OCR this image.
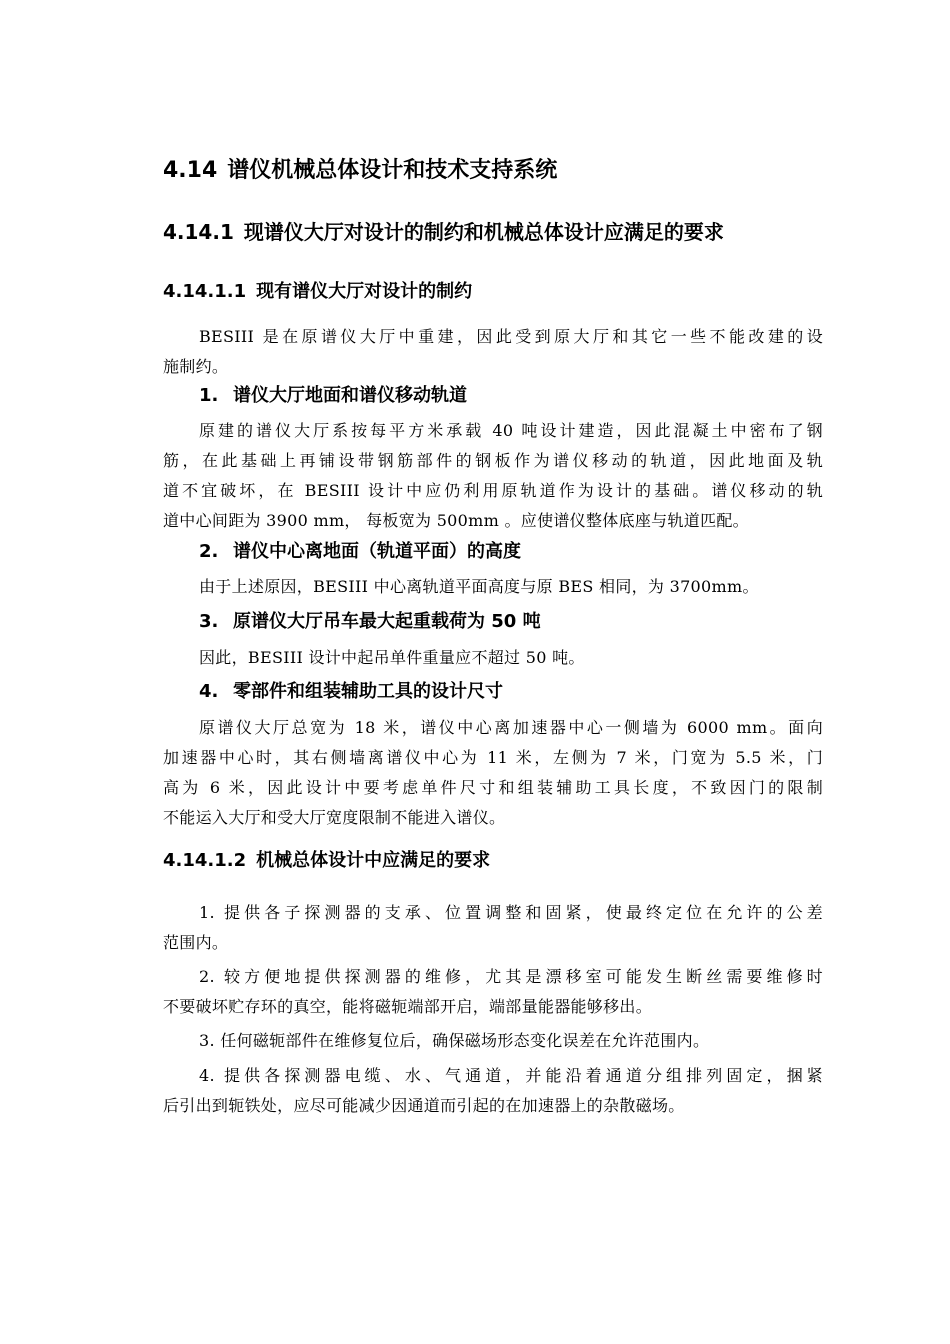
4.14 谱仪机械总体设计和技术支持系统
4.14.1 现谱仪大厅对设计的制约和机械总体设计应满足的要求
4.14.1.1 现有谱仪大厅对设计的制约
BESIII 是在原谱仪大厅中重建，因此受到原大厅和其它一些不能改建的设
施制约。
1. 谱仪大厅地面和谱仪移动轨道
原建的谱仪大厅系按每平方米承载 40 吨设计建造，因此混凝土中密布了钢
筋，在此基础上再铺设带钢筋部件的钢板作为谱仪移动的轨道，因此地面及轨
道不宜破坏，在 BESIII 设计中应仍利用原轨道作为设计的基础。谱仪移动的轨
道中心间距为 3900 mm， 每板宽为 500mm 。应使谱仪整体底座与轨道匹配。
2. 谱仪中心离地面（轨道平面）的高度
由于上述原因，BESIII 中心离轨道平面高度与原 BES 相同，为 3700mm。
3. 原谱仪大厅吊车最大起重载荷为 50 吨
因此，BESIII 设计中起吊单件重量应不超过 50 吨。
4. 零部件和组装辅助工具的设计尺寸
原谱仪大厅总宽为 18 米，谱仪中心离加速器中心一侧墙为 6000 mm。面向
加速器中心时，其右侧墙离谱仪中心为 11 米，左侧为 7 米，门宽为 5.5 米，门
高为 6 米，因此设计中要考虑单件尺寸和组装辅助工具长度，不致因门的限制
不能运入大厅和受大厅宽度限制不能进入谱仪。
4.14.1.2 机械总体设计中应满足的要求
1. 提供各子探测器的支承、位置调整和固紧，使最终定位在允许的公差
范围内。
2. 较方便地提供探测器的维修，尤其是漂移室可能发生断丝需要维修时
不要破坏贮存环的真空，能将磁轭端部开启，端部量能器能够移出。
3. 任何磁轭部件在维修复位后，确保磁场形态变化误差在允许范围内。
4. 提供各探测器电缆、水、气通道，并能沿着通道分组排列固定，捆紧
后引出到轭铁处，应尽可能减少因通道而引起的在加速器上的杂散磁场。
